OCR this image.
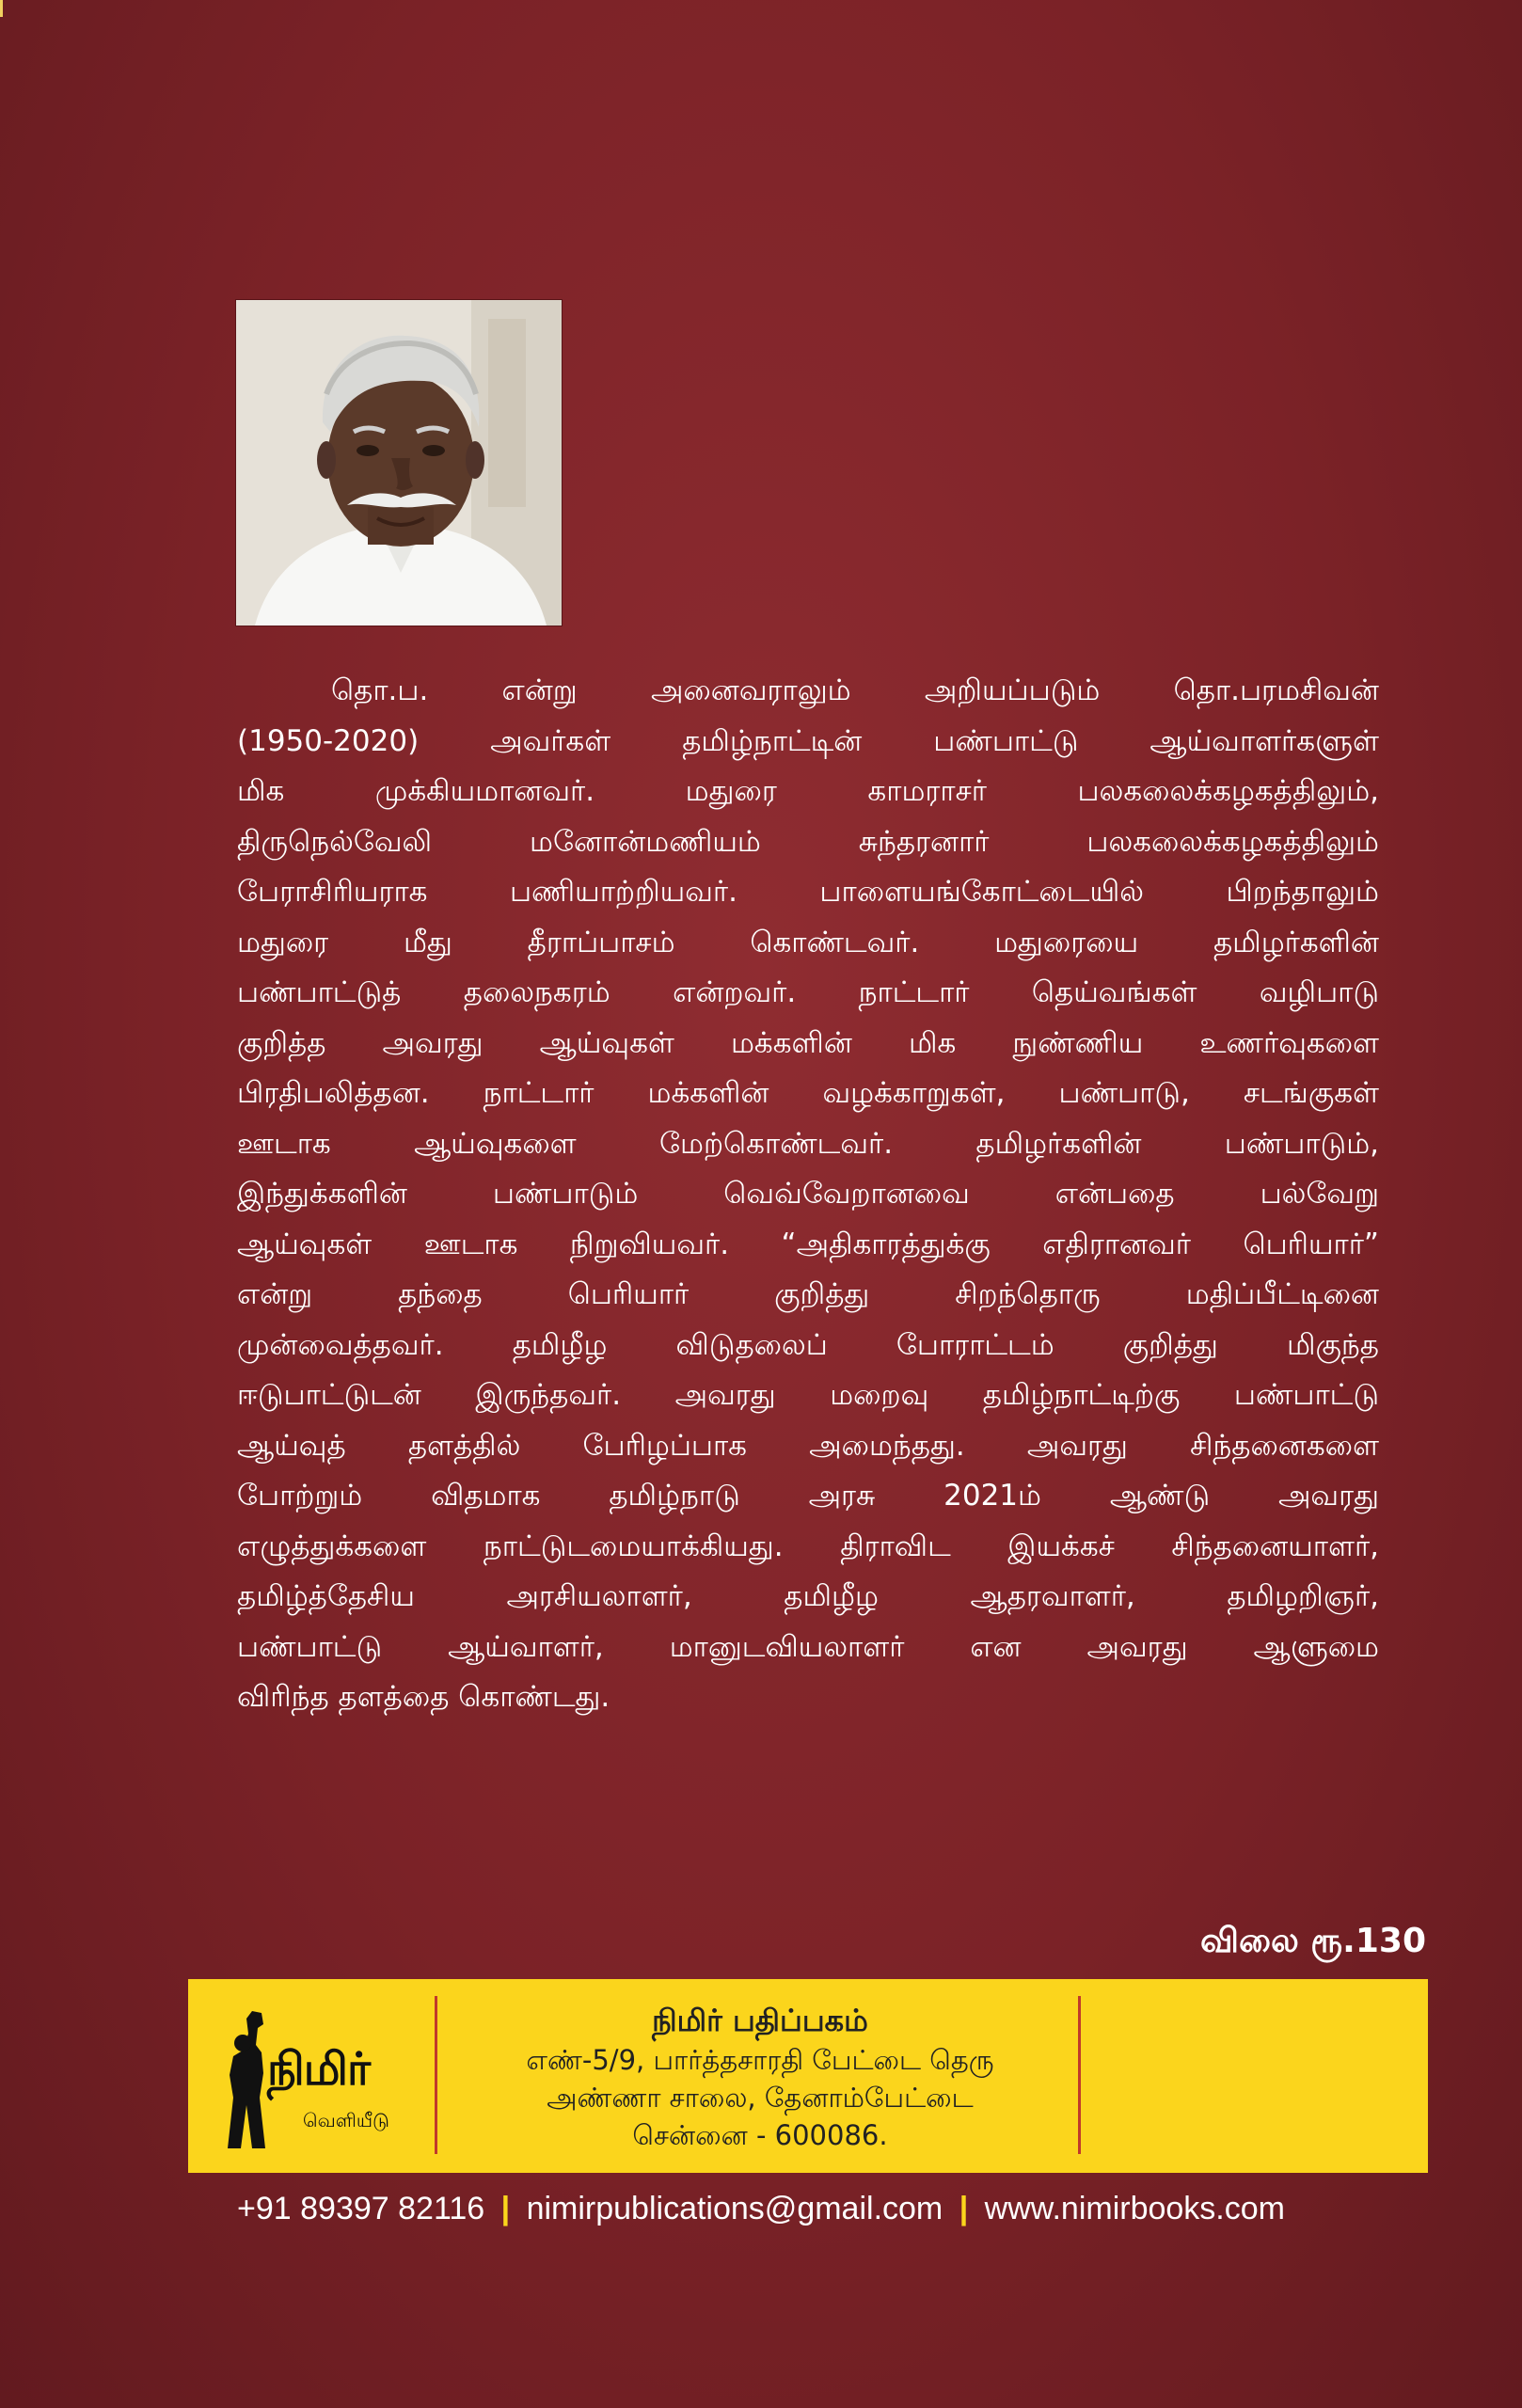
தொ.ப. என்று அனைவராலும் அறியப்படும் தொ.பரமசிவன்
(1950-2020) அவர்கள் தமிழ்நாட்டின் பண்பாட்டு ஆய்வாளர்களுள்
மிக முக்கியமானவர். மதுரை காமராசர் பலகலைக்கழகத்திலும்,
திருநெல்வேலி மனோன்மணியம் சுந்தரனார் பலகலைக்கழகத்திலும்
பேராசிரியராக பணியாற்றியவர். பாளையங்கோட்டையில் பிறந்தாலும்
மதுரை மீது தீராப்பாசம் கொண்டவர். மதுரையை தமிழர்களின்
பண்பாட்டுத் தலைநகரம் என்றவர். நாட்டார் தெய்வங்கள் வழிபாடு
குறித்த அவரது ஆய்வுகள் மக்களின் மிக நுண்ணிய உணர்வுகளை
பிரதிபலித்தன. நாட்டார் மக்களின் வழக்காறுகள், பண்பாடு, சடங்குகள்
ஊடாக ஆய்வுகளை மேற்கொண்டவர். தமிழர்களின் பண்பாடும்,
இந்துக்களின் பண்பாடும் வெவ்வேறானவை என்பதை பல்வேறு
ஆய்வுகள் ஊடாக நிறுவியவர். “அதிகாரத்துக்கு எதிரானவர் பெரியார்”
என்று தந்தை பெரியார் குறித்து சிறந்தொரு மதிப்பீட்டினை
முன்வைத்தவர். தமிழீழ விடுதலைப் போராட்டம் குறித்து மிகுந்த
ஈடுபாட்டுடன் இருந்தவர். அவரது மறைவு தமிழ்நாட்டிற்கு பண்பாட்டு
ஆய்வுத் தளத்தில் பேரிழப்பாக அமைந்தது. அவரது சிந்தனைகளை
போற்றும் விதமாக தமிழ்நாடு அரசு 2021ம் ஆண்டு அவரது
எழுத்துக்களை நாட்டுடமையாக்கியது. திராவிட இயக்கச் சிந்தனையாளர்,
தமிழ்த்தேசிய அரசியலாளர், தமிழீழ ஆதரவாளர், தமிழறிஞர்,
பண்பாட்டு ஆய்வாளர், மானுடவியலாளர் என அவரது ஆளுமை
விரிந்த தளத்தை கொண்டது.
விலை ரூ.130
நிமிர்
வெளியீடு
நிமிர் பதிப்பகம்
எண்-5/9, பார்த்தசாரதி பேட்டை தெரு
அண்ணா சாலை, தேனாம்பேட்டை
சென்னை - 600086.
+91 89397 82116 | nimirpublications@gmail.com | www.nimirbooks.com
